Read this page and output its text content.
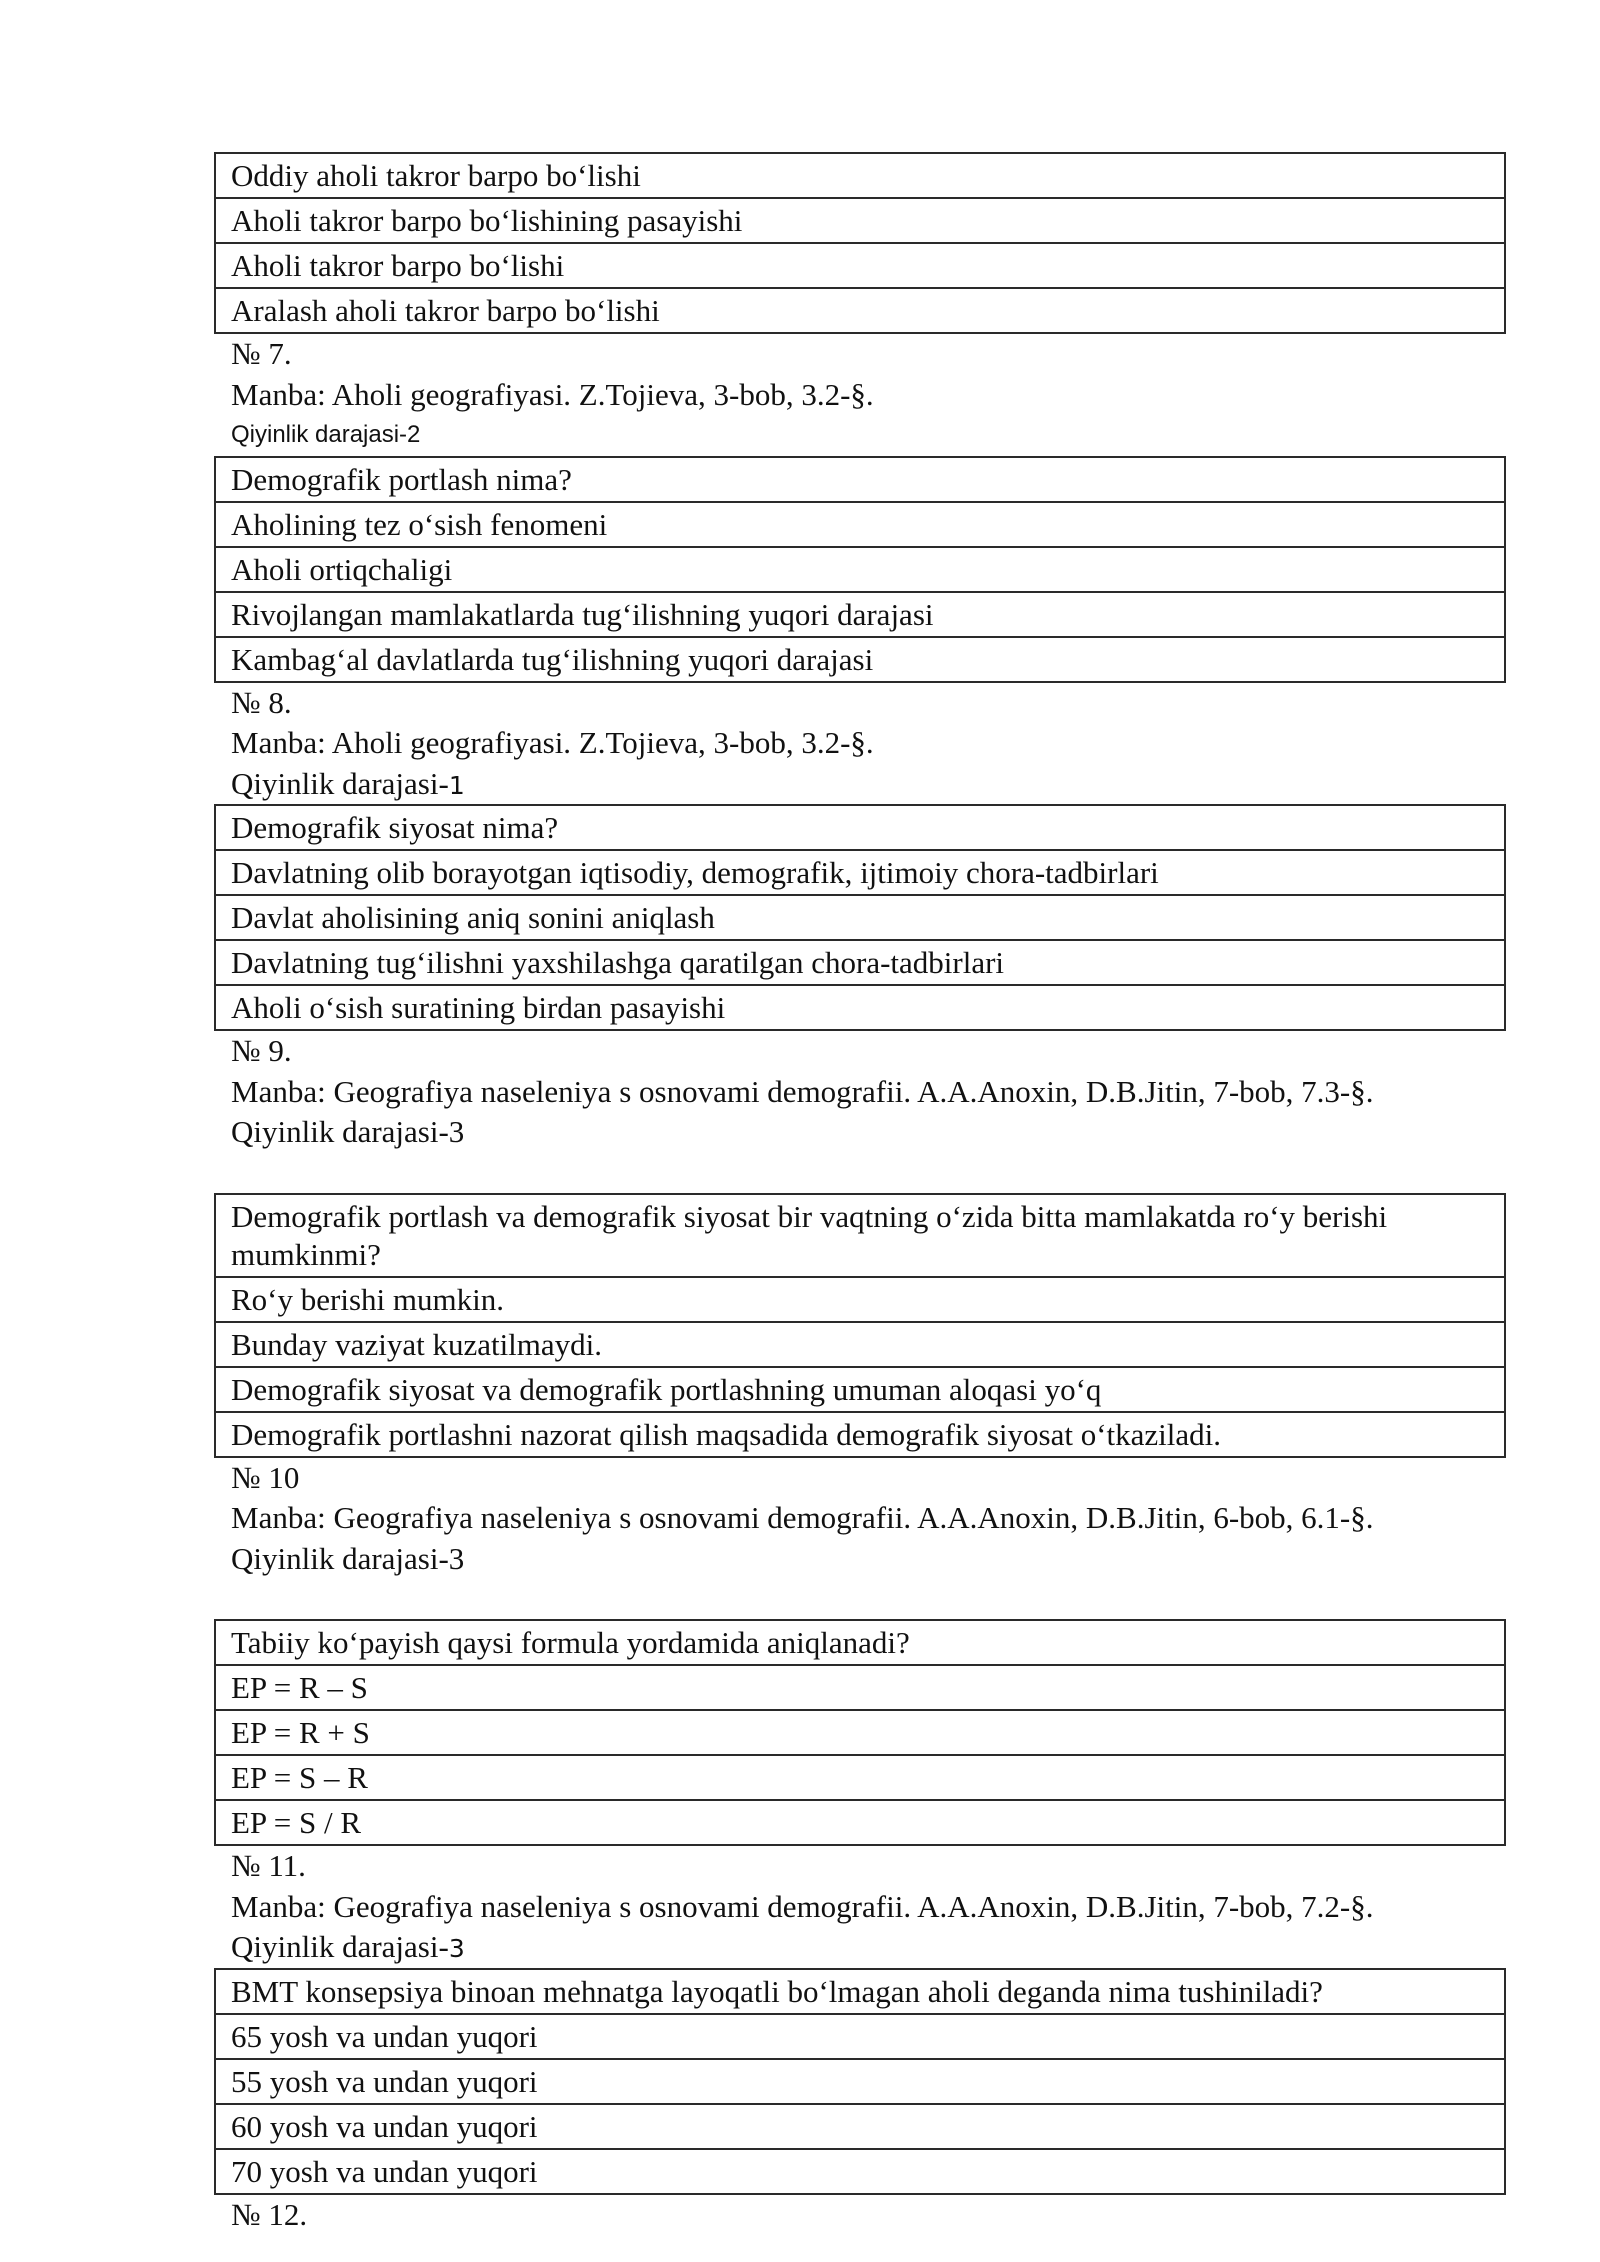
Oddiy aholi takror barpo bo‘lishi
Aholi takror barpo bo‘lishining pasayishi
Aholi takror barpo bo‘lishi
Aralash aholi takror barpo bo‘lishi
№ 7.
Manba: Aholi geografiyasi. Z.Tojieva, 3-bob, 3.2-§.
Qiyinlik darajasi-2
Demografik portlash nima?
Aholining tez o‘sish fenomeni
Aholi ortiqchaligi
Rivojlangan mamlakatlarda tug‘ilishning yuqori darajasi
Kambag‘al davlatlarda tug‘ilishning yuqori darajasi
№ 8.
Manba: Aholi geografiyasi. Z.Tojieva, 3-bob, 3.2-§.
Qiyinlik darajasi-1
Demografik siyosat nima?
Davlatning olib borayotgan iqtisodiy, demografik, ijtimoiy chora-tadbirlari
Davlat aholisining aniq sonini aniqlash
Davlatning tug‘ilishni yaxshilashga qaratilgan chora-tadbirlari
Aholi o‘sish suratining birdan pasayishi
№ 9.
Manba: Geografiya naseleniya s osnovami demografii. A.A.Anoxin, D.B.Jitin, 7-bob, 7.3-§.
Qiyinlik darajasi-3
Demografik portlash va demografik siyosat bir vaqtning o‘zida bitta mamlakatda ro‘y berishi mumkinmi?
Ro‘y berishi mumkin.
Bunday vaziyat kuzatilmaydi.
Demografik siyosat va demografik portlashning umuman aloqasi yo‘q
Demografik portlashni nazorat qilish maqsadida demografik siyosat o‘tkaziladi.
№ 10
Manba: Geografiya naseleniya s osnovami demografii. A.A.Anoxin, D.B.Jitin, 6-bob, 6.1-§.
Qiyinlik darajasi-3
Tabiiy ko‘payish qaysi formula yordamida aniqlanadi?
EP = R – S
EP = R + S
EP = S – R
EP = S / R
№ 11.
Manba: Geografiya naseleniya s osnovami demografii. A.A.Anoxin, D.B.Jitin, 7-bob, 7.2-§.
Qiyinlik darajasi-3
BMT konsepsiya binoan mehnatga layoqatli bo‘lmagan aholi deganda nima tushiniladi?
65 yosh va undan yuqori
55 yosh va undan yuqori
60 yosh va undan yuqori
70 yosh va undan yuqori
№ 12.
